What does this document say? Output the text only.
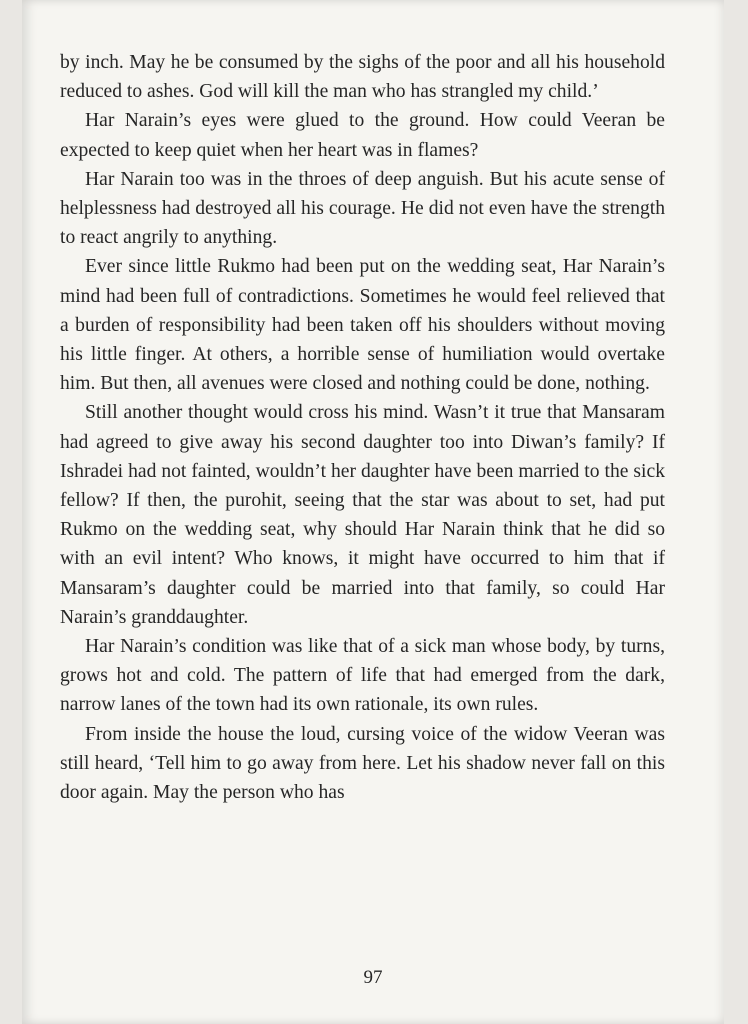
by inch. May he be consumed by the sighs of the poor and all his household reduced to ashes. God will kill the man who has strangled my child.’

Har Narain’s eyes were glued to the ground. How could Veeran be expected to keep quiet when her heart was in flames?

Har Narain too was in the throes of deep anguish. But his acute sense of helplessness had destroyed all his courage. He did not even have the strength to react angrily to anything.

Ever since little Rukmo had been put on the wedding seat, Har Narain’s mind had been full of contradictions. Sometimes he would feel relieved that a burden of responsibility had been taken off his shoulders without moving his little finger. At others, a horrible sense of humiliation would overtake him. But then, all avenues were closed and nothing could be done, nothing.

Still another thought would cross his mind. Wasn’t it true that Mansaram had agreed to give away his second daughter too into Diwan’s family? If Ishradei had not fainted, wouldn’t her daughter have been married to the sick fellow? If then, the purohit, seeing that the star was about to set, had put Rukmo on the wedding seat, why should Har Narain think that he did so with an evil intent? Who knows, it might have occurred to him that if Mansaram’s daughter could be married into that family, so could Har Narain’s granddaughter.

Har Narain’s condition was like that of a sick man whose body, by turns, grows hot and cold. The pattern of life that had emerged from the dark, narrow lanes of the town had its own rationale, its own rules.

From inside the house the loud, cursing voice of the widow Veeran was still heard, ‘Tell him to go away from here. Let his shadow never fall on this door again. May the person who has

97
